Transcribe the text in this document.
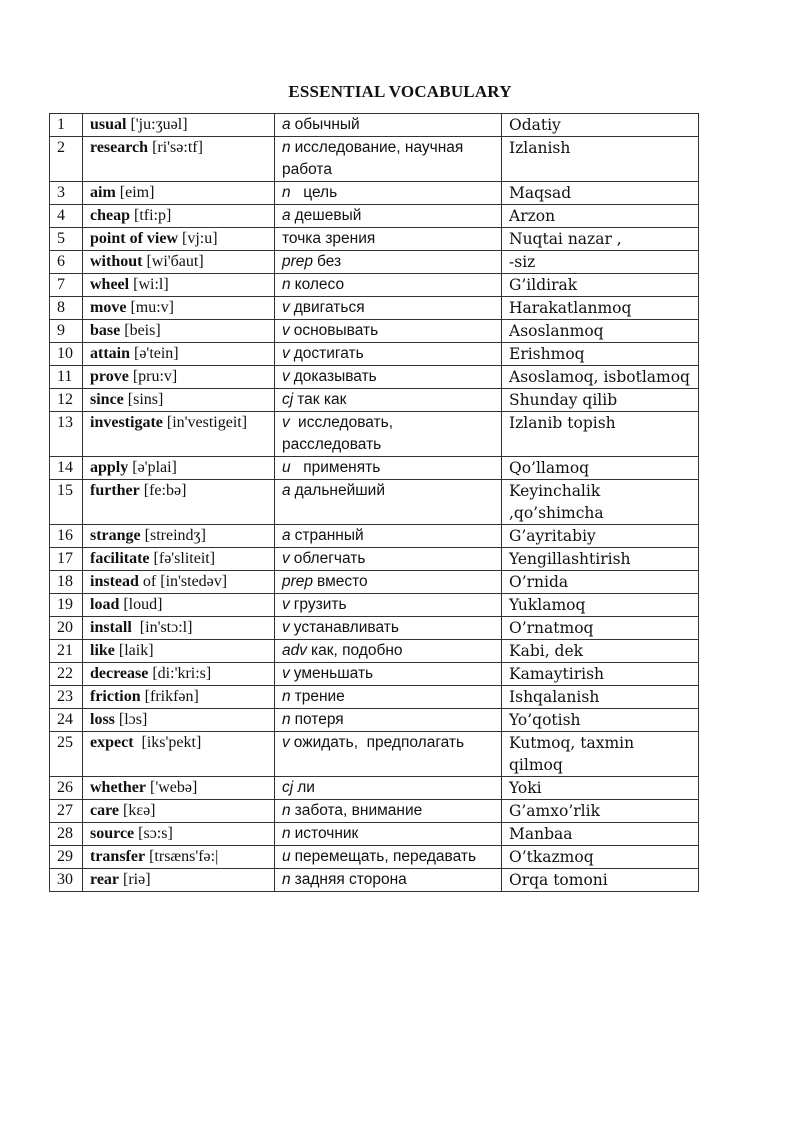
ESSENTIAL VOCABULARY
1	usual ['ju:ʒuəl]	a обычный	Odatiy
2	research [ri'sə:tf]	n исследование, научная работа	Izlanish
3	aim [eim]	n  цель	Maqsad
4	cheap [tfi:p]	a дешевый	Arzon
5	point of view [vj:u]	точка зрения	Nuqtai nazar ,
6	without [wi'бaut]	prep без	-siz
7	wheel [wi:l]	n колесо	G’ildirak
8	move [mu:v]	v двигаться	Harakatlanmoq
9	base [beis]	v основывать	Asoslanmoq
10	attain [ə'tein]	v достигать	Erishmoq
11	prove [pru:v]	v доказывать	Asoslamoq, isbotlamoq
12	since [sins]	cj так как	Shunday qilib
13	investigate [in'vestigeit]	v исследовать, расследовать	Izlanib topish
14	apply [ə'plai]	u  применять	Qo’llamoq
15	further [fe:bə]	a дальнейший	Keyinchalik ,qo’shimcha
16	strange [streindʒ]	a странный	G’ayritabiy
17	facilitate [fə'sliteit]	v облегчать	Yengillashtirish
18	instead of [in'stedəv]	prep вместо	O’rnida
19	load [loud]	v грузить	Yuklamoq
20	install  [in'stɔ:l]	v устанавливать	O’rnatmoq
21	like [laik]	adv как, подобно	Kabi, dek
22	decrease [di:'kri:s]	v уменьшать	Kamaytirish
23	friction [frikfən]	n трение	Ishqalanish
24	loss [lɔs]	n потеря	Yo’qotish
25	expect  [iks'pekt]	v ожидать,  предполагать	Kutmoq, taxmin qilmoq
26	whether ['webə]	cj ли	Yoki
27	care [kεə]	n забота, внимание	G’amxo’rlik
28	source [sɔ:s]	n источник	Manbaa
29	transfer [trsæns'fə:|	u перемещать, передавать	O’tkazmoq
30	rear [riə]	n задняя сторона	Orqa tomoni
